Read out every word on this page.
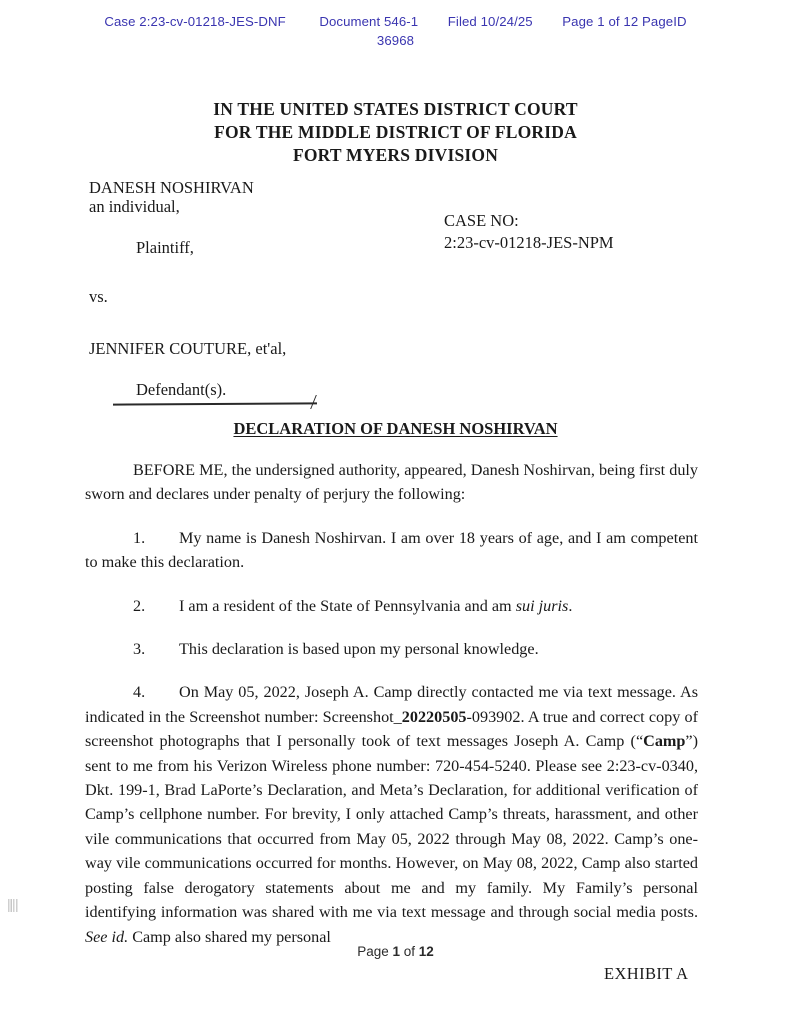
Case 2:23-cv-01218-JES-DNF	Document 546-1 Filed 10/24/25 Page 1 of 12 PageID
36968
IN THE UNITED STATES DISTRICT COURT
FOR THE MIDDLE DISTRICT OF FLORIDA
FORT MYERS DIVISION
DANESH NOSHIRVAN
an individual,
Plaintiff,
vs.
JENNIFER COUTURE, et'al,
Defendant(s).
CASE NO:
2:23-cv-01218-JES-NPM
DECLARATION OF DANESH NOSHIRVAN

BEFORE ME, the undersigned authority, appeared, Danesh Noshirvan, being first duly sworn and declares under penalty of perjury the following:

1. My name is Danesh Noshirvan. I am over 18 years of age, and I am competent to make this declaration.

2. I am a resident of the State of Pennsylvania and am sui juris.

3. This declaration is based upon my personal knowledge.

4. On May 05, 2022, Joseph A. Camp directly contacted me via text message. As indicated in the Screenshot number: Screenshot_20220505-093902. A true and correct copy of screenshot photographs that I personally took of text messages Joseph A. Camp (“Camp”) sent to me from his Verizon Wireless phone number: 720-454-5240. Please see 2:23-cv-0340, Dkt. 199-1, Brad LaPorte’s Declaration, and Meta’s Declaration, for additional verification of Camp’s cellphone number. For brevity, I only attached Camp’s threats, harassment, and other vile communications that occurred from May 05, 2022 through May 08, 2022. Camp’s one-way vile communications occurred for months. However, on May 08, 2022, Camp also started posting false derogatory statements about me and my family. My Family’s personal identifying information was shared with me via text message and through social media posts. See id. Camp also shared my personal

Page 1 of 12
EXHIBIT A
